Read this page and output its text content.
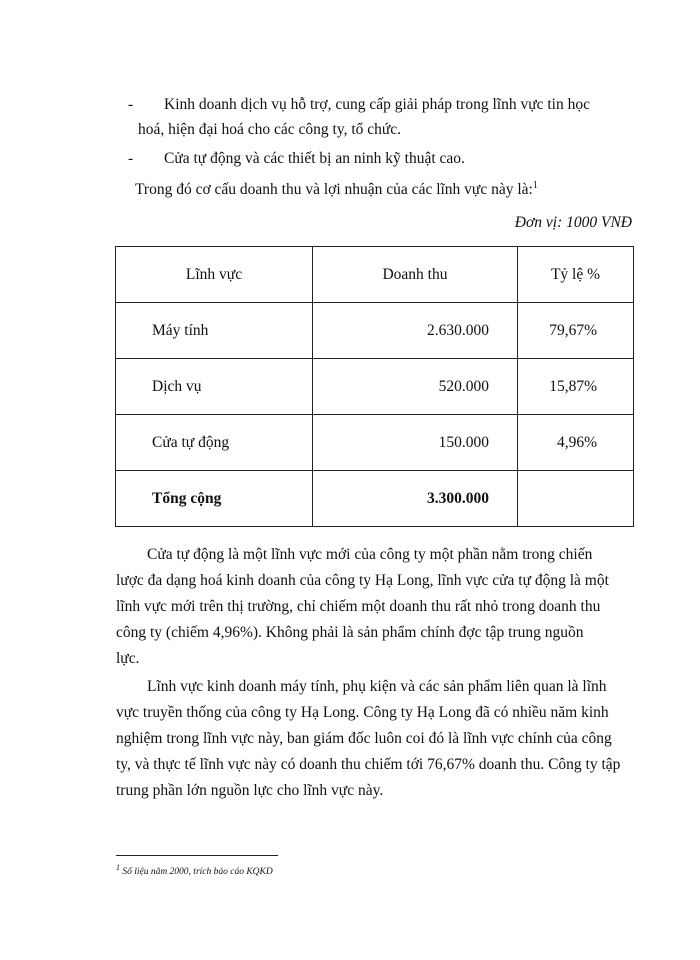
-	Kinh doanh dịch vụ hỗ trợ, cung cấp giải pháp trong lĩnh vực tin học
hoá, hiện đại hoá cho các công ty, tổ chức.
-	Cửa tự động và các thiết bị an ninh kỹ thuật cao.
Trong đó cơ cấu doanh thu và lợi nhuận của các lĩnh vực này là:$^1$
Đơn vị: 1000 VNĐ
Lĩnh vực	Doanh thu	Tỷ lệ %
Máy tính	2.630.000	79,67%
Dịch vụ	520.000	15,87%
Cửa tự động	150.000	4,96%
Tổng cộng	3.300.000	
Cửa tự động là một lĩnh vực mới của công ty một phần nằm trong chiến
lược đa dạng hoá kinh doanh của công ty Hạ Long, lĩnh vực cửa tự động là một
lĩnh vực mới trên thị trường, chỉ chiếm một doanh thu rất nhỏ trong doanh thu
công ty (chiếm 4,96%). Không phải là sản phẩm chính đợc tập trung nguồn
lực.
Lĩnh vực kinh doanh máy tính, phụ kiện và các sản phẩm liên quan là lĩnh
vực truyền thống của công ty Hạ Long. Công ty Hạ Long đã có nhiều năm kinh
nghiệm trong lĩnh vực này, ban giám đốc luôn coi đó là lĩnh vực chính của công
ty, và thực tế lĩnh vực này có doanh thu chiếm tới 76,67% doanh thu. Công ty tập
trung phần lớn nguồn lực cho lĩnh vực này.
$^1$ Số liệu năm 2000, trích báo cáo KQKD
